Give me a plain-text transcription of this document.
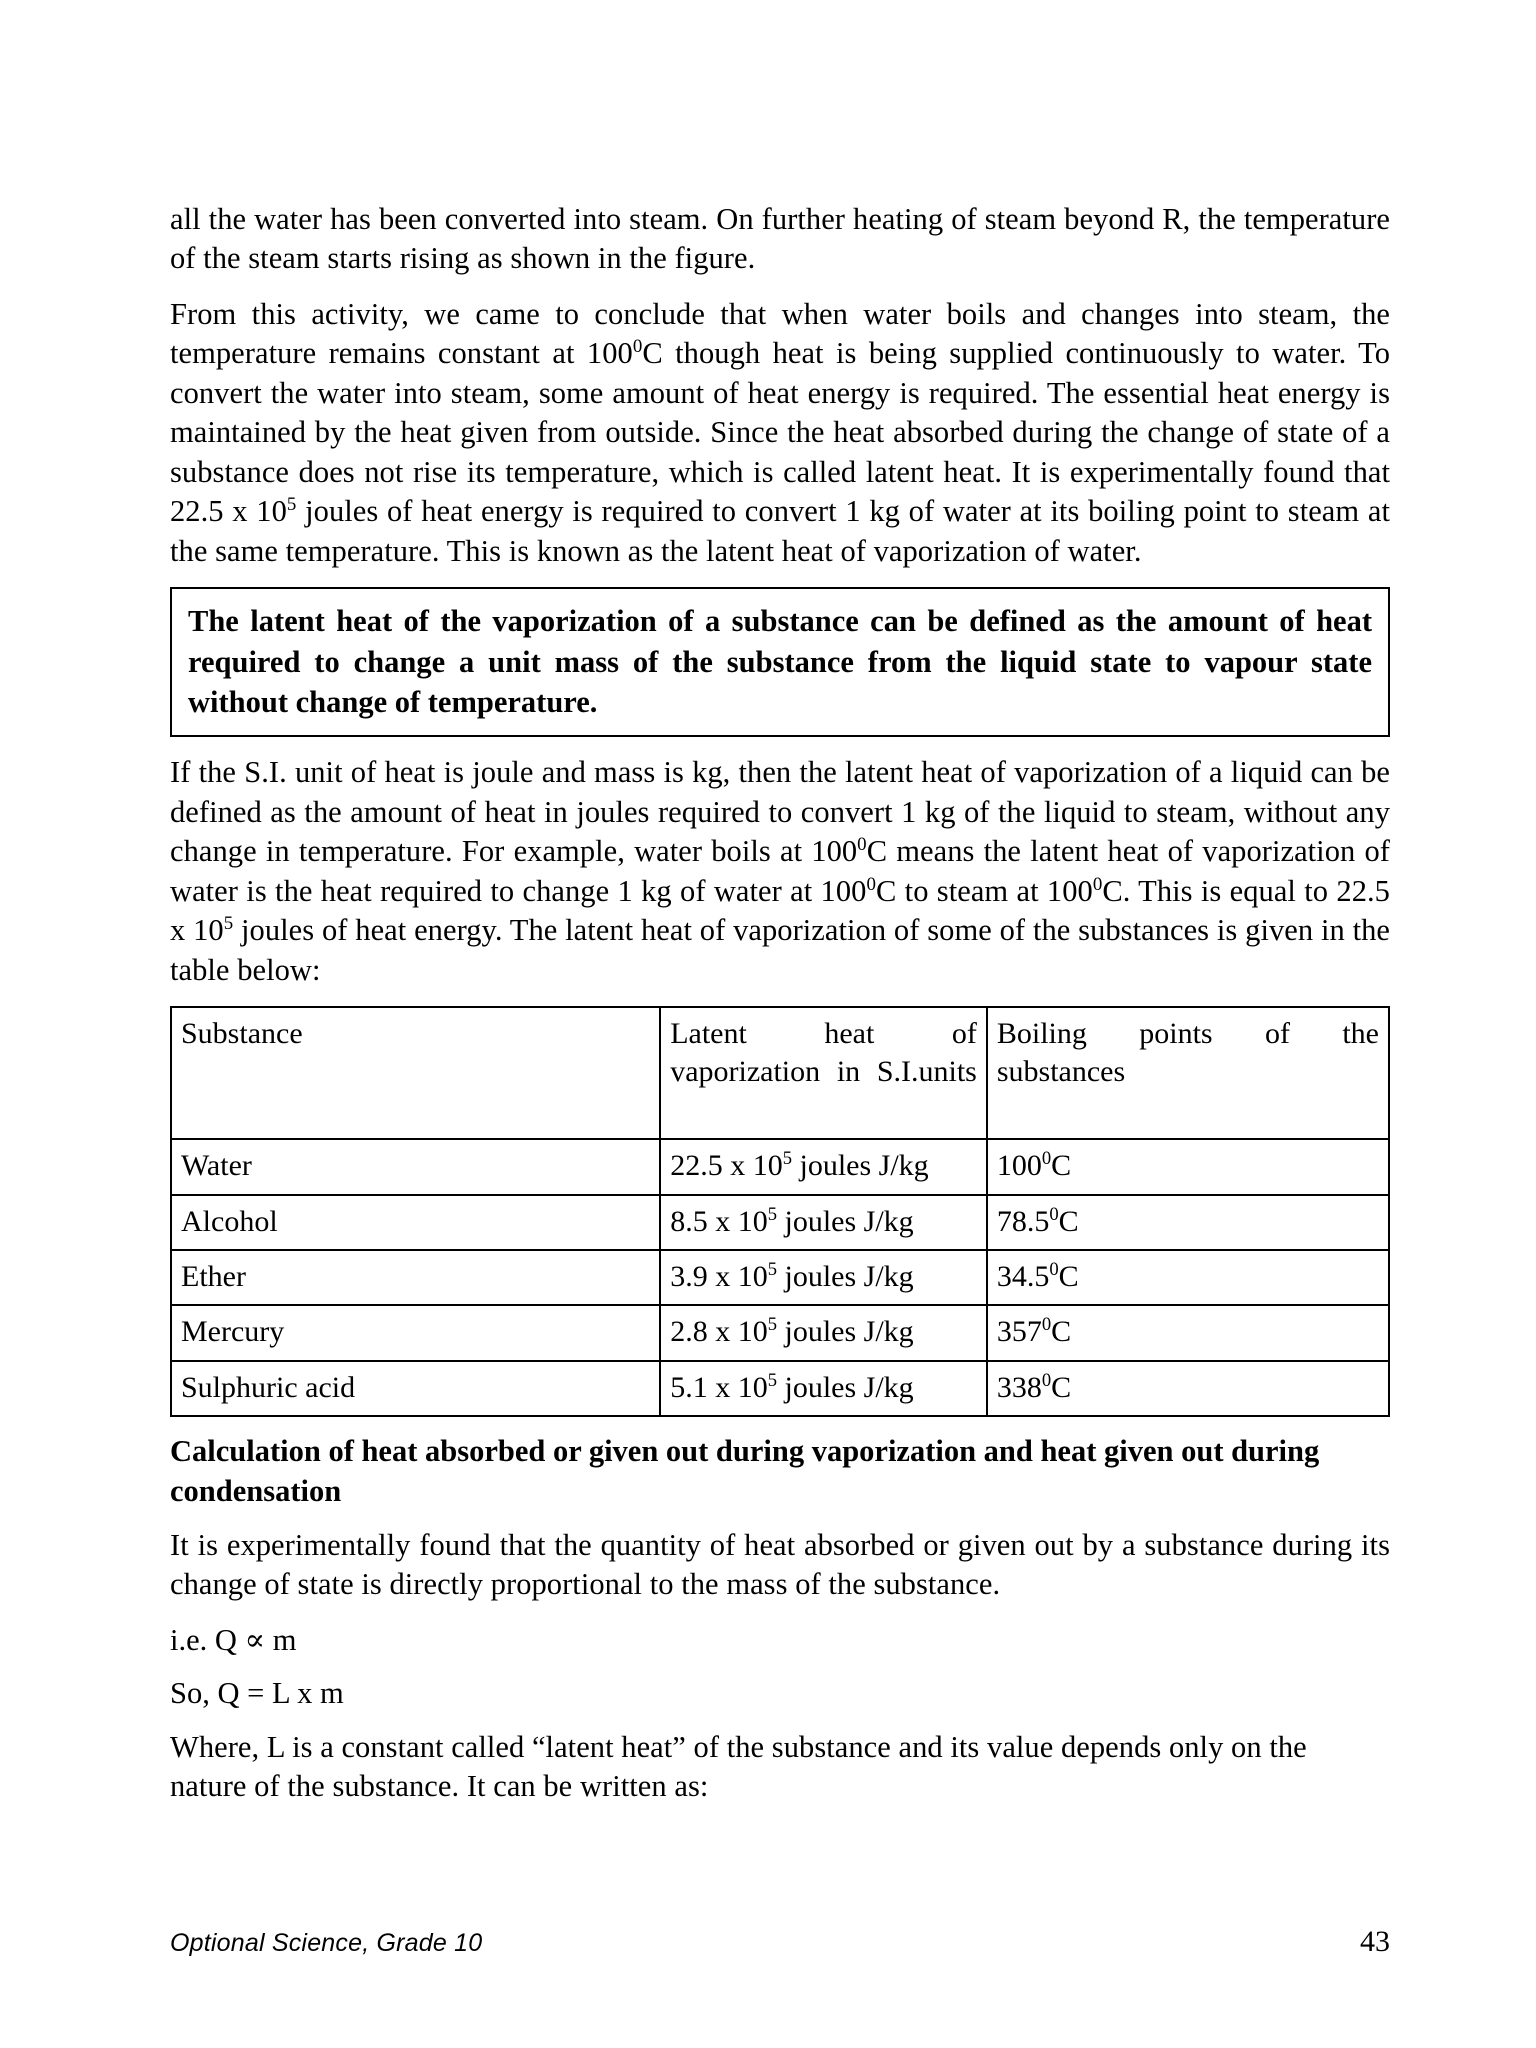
all the water has been converted into steam. On further heating of steam beyond R, the temperature of the steam starts rising as shown in the figure.

From this activity, we came to conclude that when water boils and changes into steam, the temperature remains constant at $100^0C$ though heat is being supplied continuously to water. To convert the water into steam, some amount of heat energy is required. The essential heat energy is maintained by the heat given from outside. Since the heat absorbed during the change of state of a substance does not rise its temperature, which is called latent heat. It is experimentally found that 22.5 x $10^5$ joules of heat energy is required to convert 1 kg of water at its boiling point to steam at the same temperature. This is known as the latent heat of vaporization of water.

The latent heat of the vaporization of a substance can be defined as the amount of heat required to change a unit mass of the substance from the liquid state to vapour state without change of temperature.

If the S.I. unit of heat is joule and mass is kg, then the latent heat of vaporization of a liquid can be defined as the amount of heat in joules required to convert 1 kg of the liquid to steam, without any change in temperature. For example, water boils at $100^0C$ means the latent heat of vaporization of water is the heat required to change 1 kg of water at $100^0C$ to steam at $100^0C$. This is equal to 22.5 x $10^5$ joules of heat energy. The latent heat of vaporization of some of the substances is given in the table below:

Substance	Latent heat of vaporization in S.I.units	Boiling points of the substances
Water	22.5 x $10^5$ joules J/kg	$100^0C$
Alcohol	8.5 x $10^5$ joules J/kg	78.5$^0$C
Ether	3.9 x $10^5$ joules J/kg	34.5$^0$C
Mercury	2.8 x $10^5$ joules J/kg	$357^0C$
Sulphuric acid	5.1 x $10^5$ joules J/kg	$338^0C$
Calculation of heat absorbed or given out during vaporization and heat given out during condensation

It is experimentally found that the quantity of heat absorbed or given out by a substance during its change of state is directly proportional to the mass of the substance.

i.e. Q ∝ m

So, Q = L x m

Where, L is a constant called “latent heat” of the substance and its value depends only on the nature of the substance. It can be written as:

Optional Science, Grade 10	43
